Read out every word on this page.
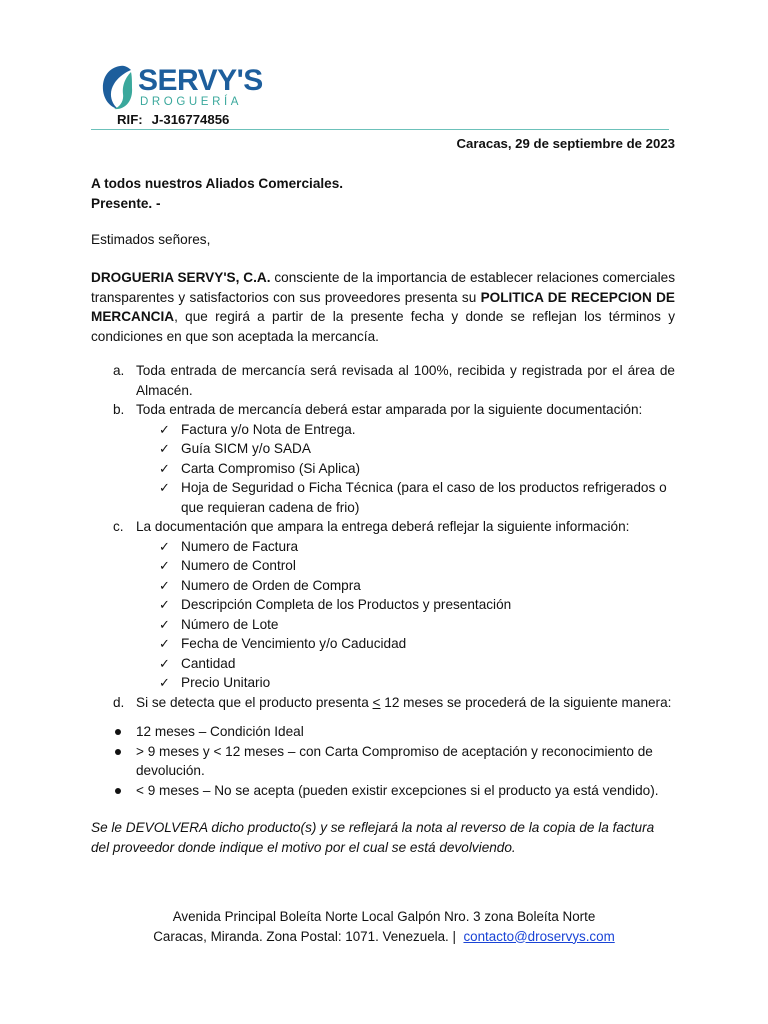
SERVY'S
DROGUERÍA
RIF: J-316774856
Caracas, 29 de septiembre de 2023
A todos nuestros Aliados Comerciales.
Presente. -
Estimados señores,
DROGUERIA SERVY'S, C.A. consciente de la importancia de establecer relaciones comerciales transparentes y satisfactorios con sus proveedores presenta su POLITICA DE RECEPCION DE MERCANCIA, que regirá a partir de la presente fecha y donde se reflejan los términos y condiciones en que son aceptada la mercancía.
a. Toda entrada de mercancía será revisada al 100%, recibida y registrada por el área de Almacén.
b. Toda entrada de mercancía deberá estar amparada por la siguiente documentación:
✓ Factura y/o Nota de Entrega.
✓ Guía SICM y/o SADA
✓ Carta Compromiso (Si Aplica)
✓ Hoja de Seguridad o Ficha Técnica (para el caso de los productos refrigerados o que requieran cadena de frio)
c. La documentación que ampara la entrega deberá reflejar la siguiente información:
✓ Numero de Factura
✓ Numero de Control
✓ Numero de Orden de Compra
✓ Descripción Completa de los Productos y presentación
✓ Número de Lote
✓ Fecha de Vencimiento y/o Caducidad
✓ Cantidad
✓ Precio Unitario
d. Si se detecta que el producto presenta ≤ 12 meses se procederá de la siguiente manera:
12 meses – Condición Ideal
> 9 meses y < 12 meses – con Carta Compromiso de aceptación y reconocimiento de devolución.
< 9 meses – No se acepta (pueden existir excepciones si el producto ya está vendido).
Se le DEVOLVERA dicho producto(s) y se reflejará la nota al reverso de la copia de la factura del proveedor donde indique el motivo por el cual se está devolviendo.
Avenida Principal Boleíta Norte Local Galpón Nro. 3 zona Boleíta Norte
Caracas, Miranda. Zona Postal: 1071. Venezuela. | contacto@droservys.com
